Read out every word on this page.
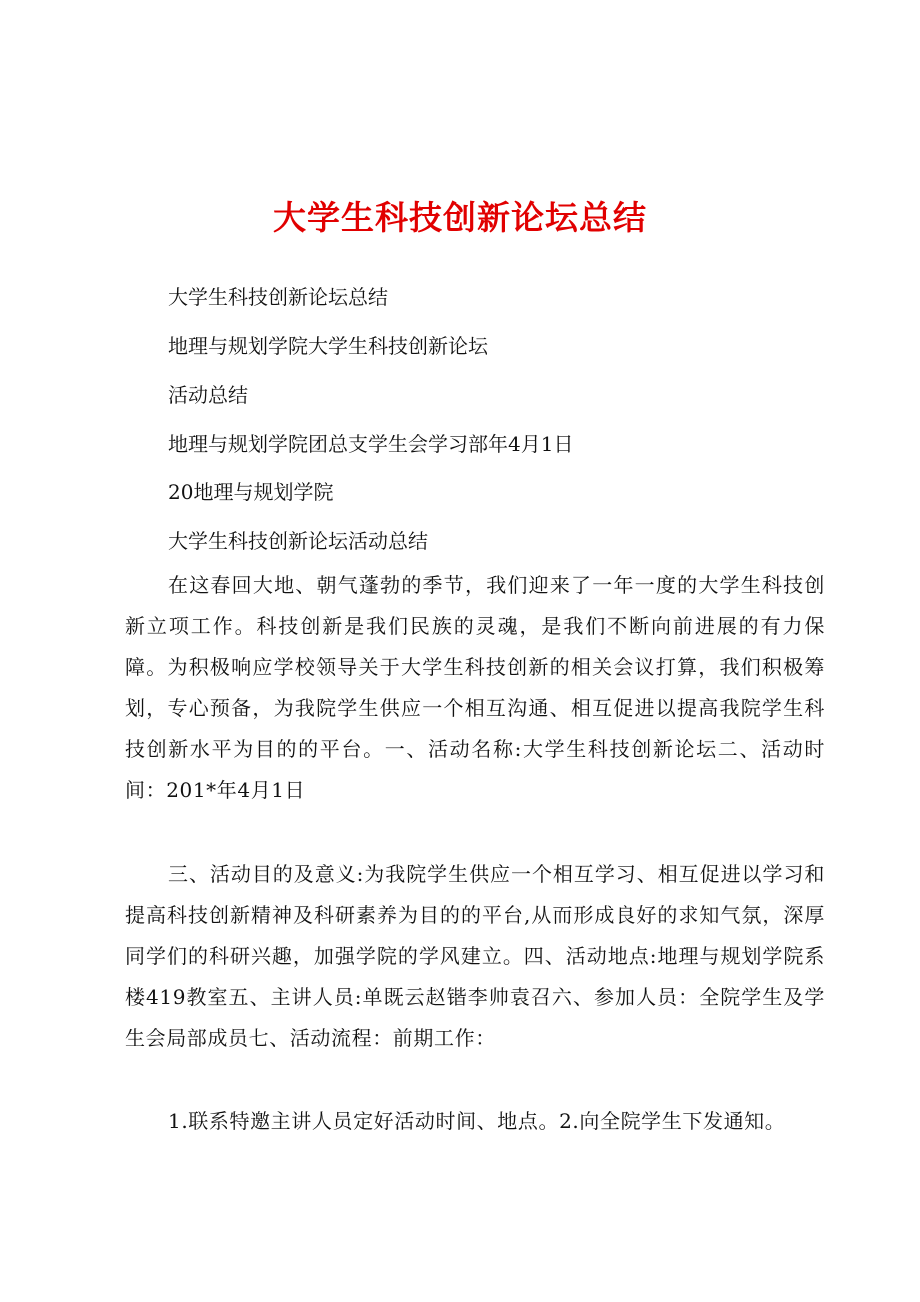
大学生科技创新论坛总结
大学生科技创新论坛总结
地理与规划学院大学生科技创新论坛
活动总结
地理与规划学院团总支学生会学习部年4月1日
20地理与规划学院
大学生科技创新论坛活动总结
在这春回大地、朝气蓬勃的季节，我们迎来了一年一度的大学生科技创新立项工作。科技创新是我们民族的灵魂，是我们不断向前进展的有力保障。为积极响应学校领导关于大学生科技创新的相关会议打算，我们积极筹划，专心预备，为我院学生供应一个相互沟通、相互促进以提高我院学生科技创新水平为目的的平台。一、活动名称:大学生科技创新论坛二、活动时间：201*年4月1日
三、活动目的及意义:为我院学生供应一个相互学习、相互促进以学习和提高科技创新精神及科研素养为目的的平台,从而形成良好的求知气氛，深厚同学们的科研兴趣，加强学院的学风建立。四、活动地点:地理与规划学院系楼419教室五、主讲人员:单既云赵锴李帅袁召六、参加人员：全院学生及学生会局部成员七、活动流程：前期工作：
1.联系特邀主讲人员定好活动时间、地点。2.向全院学生下发通知。
